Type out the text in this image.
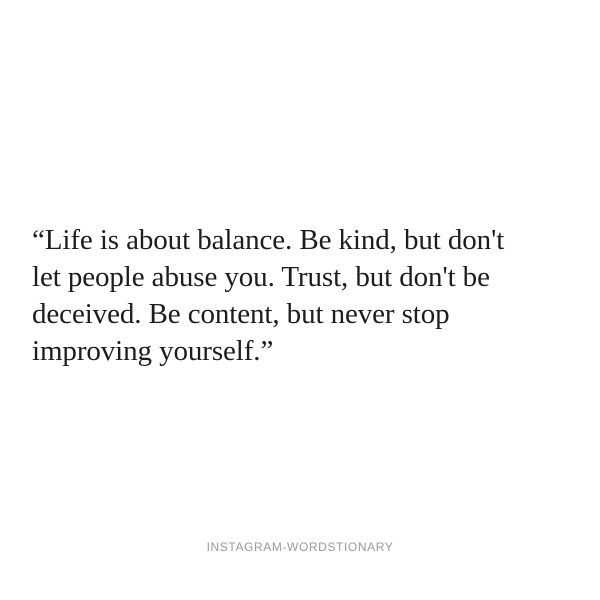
“Life is about balance. Be kind, but don't
let people abuse you. Trust, but don't be
deceived. Be content, but never stop
improving yourself.”

INSTAGRAM-WORDSTIONARY
